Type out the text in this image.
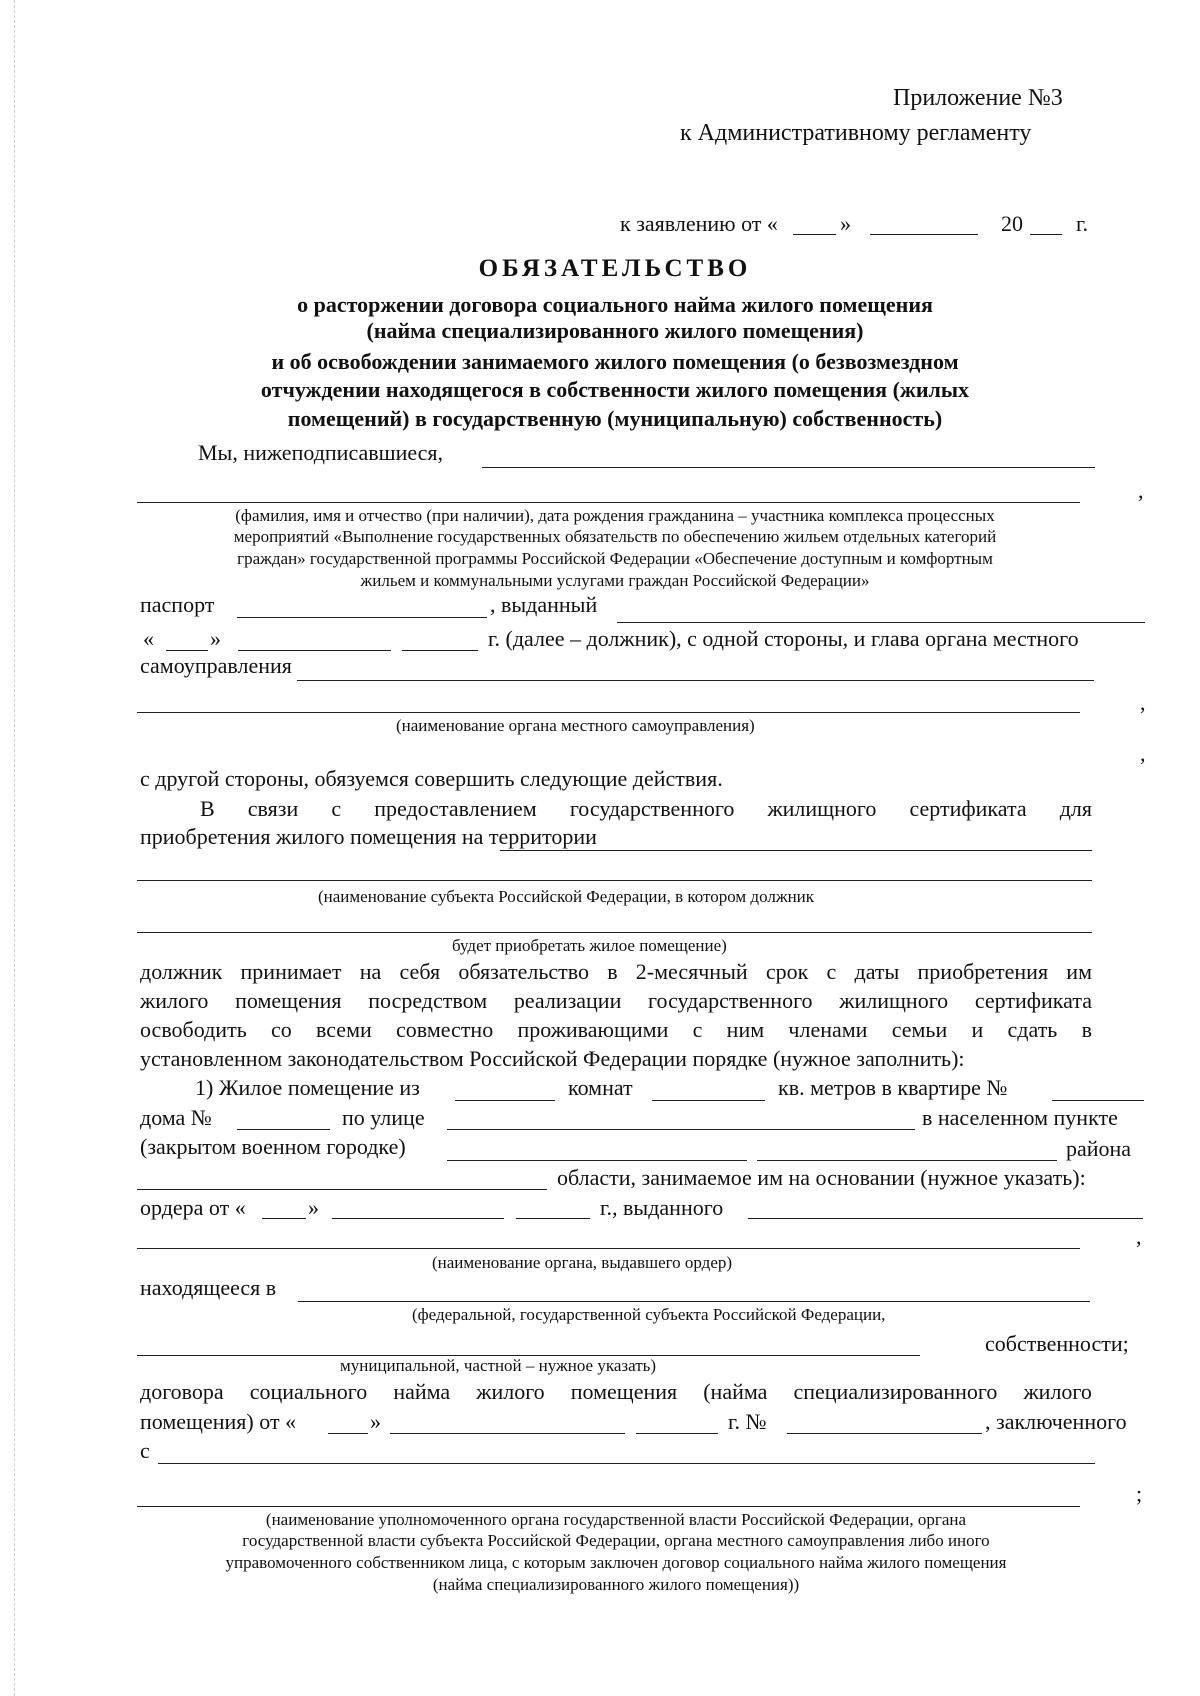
Приложение №3
к Административному регламенту
к заявлению от «	»	20 г.
ОБЯЗАТЕЛЬСТВО
о расторжении договора социального найма жилого помещения
(найма специализированного жилого помещения)
и об освобождении занимаемого жилого помещения (о безвозмездном
отчуждении находящегося в собственности жилого помещения (жилых
помещений) в государственную (муниципальную) собственность)
Мы, нижеподписавшиеся,
,
(фамилия, имя и отчество (при наличии), дата рождения гражданина – участника комплекса процессных
мероприятий «Выполнение государственных обязательств по обеспечению жильем отдельных категорий
граждан» государственной программы Российской Федерации «Обеспечение доступным и комфортным
жильем и коммунальными услугами граждан Российской Федерации»
паспорт	, выданный
«	»	г. (далее – должник), с одной стороны, и глава органа местного
самоуправления
,
(наименование органа местного самоуправления)
,
с другой стороны, обязуемся совершить следующие действия.
В связи с предоставлением государственного жилищного сертификата для
приобретения жилого помещения на территории
(наименование субъекта Российской Федерации, в котором должник
будет приобретать жилое помещение)
должник принимает на себя обязательство в 2-месячный срок с даты приобретения им
жилого помещения посредством реализации государственного жилищного сертификата
освободить со всеми совместно проживающими с ним членами семьи и сдать в
установленном законодательством Российской Федерации порядке (нужное заполнить):
1) Жилое помещение из	комнат	кв. метров в квартире №
дома №	по улице	в населенном пункте
(закрытом военном городке)	района
области, занимаемое им на основании (нужное указать):
ордера от «	»	г., выданного
,
(наименование органа, выдавшего ордер)
находящееся в
(федеральной, государственной субъекта Российской Федерации,
собственности;
муниципальной, частной – нужное указать)
договора социального найма жилого помещения (найма специализированного жилого
помещения) от «	»	г. №	, заключенного
с
;
(наименование уполномоченного органа государственной власти Российской Федерации, органа
государственной власти субъекта Российской Федерации, органа местного самоуправления либо иного
управомоченного собственником лица, с которым заключен договор социального найма жилого помещения
(найма специализированного жилого помещения))
